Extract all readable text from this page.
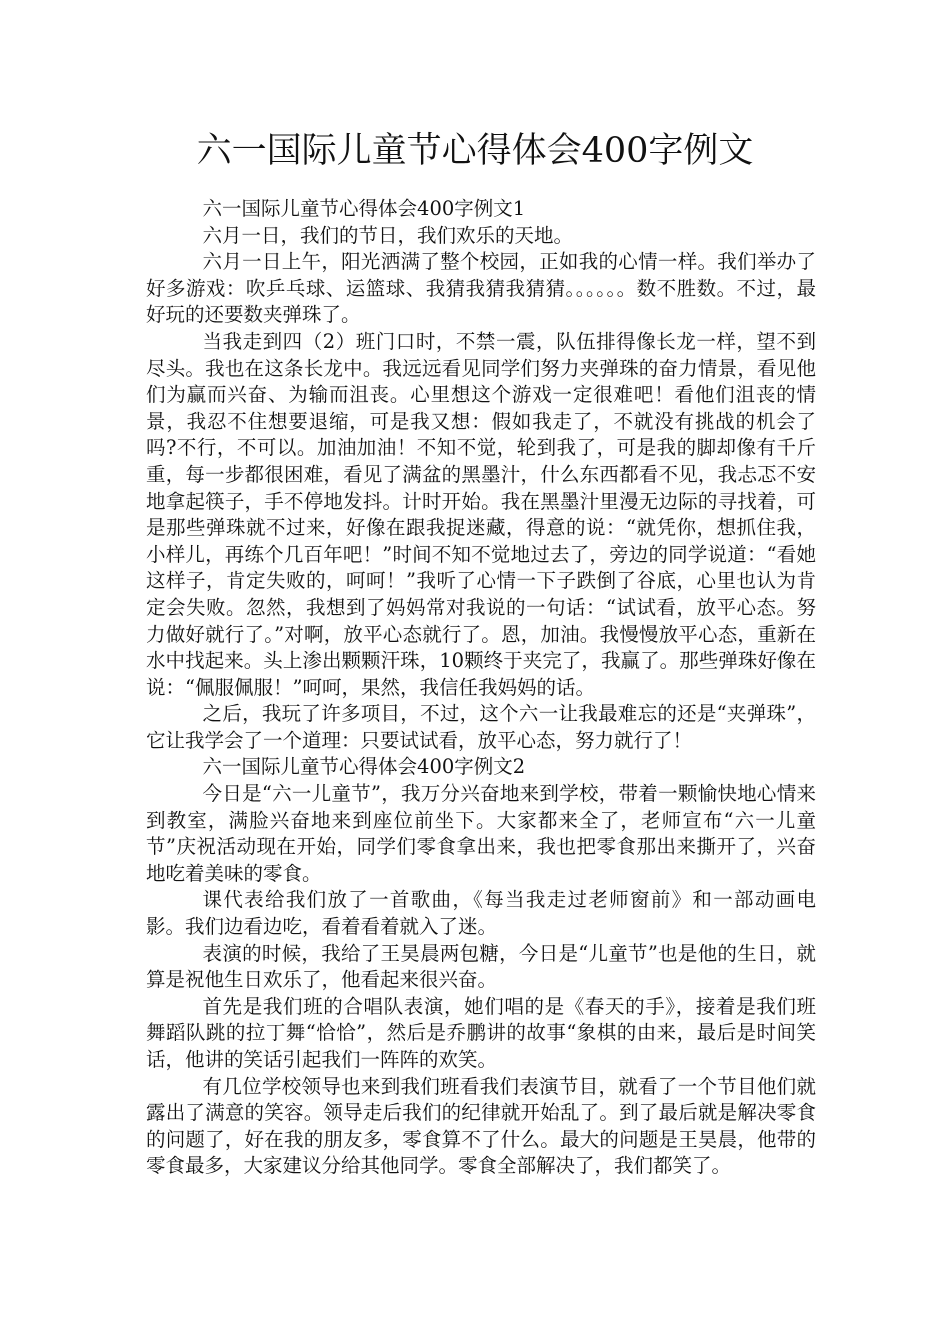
六一国际儿童节心得体会400字例文

六一国际儿童节心得体会400字例文1

六月一日，我们的节日，我们欢乐的天地。

六月一日上午，阳光洒满了整个校园，正如我的心情一样。我们举办了好多游戏：吹乒乓球、运篮球、我猜我猜我猜猜。。。。。。数不胜数。不过，最好玩的还要数夹弹珠了。

当我走到四（2）班门口时，不禁一震，队伍排得像长龙一样，望不到尽头。我也在这条长龙中。我远远看见同学们努力夹弹珠的奋力情景，看见他们为赢而兴奋、为输而沮丧。心里想这个游戏一定很难吧！看他们沮丧的情景，我忍不住想要退缩，可是我又想：假如我走了，不就没有挑战的机会了吗?不行，不可以。加油加油！不知不觉，轮到我了，可是我的脚却像有千斤重，每一步都很困难，看见了满盆的黑墨汁，什么东西都看不见，我忐忑不安地拿起筷子，手不停地发抖。计时开始。我在黑墨汁里漫无边际的寻找着，可是那些弹珠就不过来，好像在跟我捉迷藏，得意的说：“就凭你，想抓住我，小样儿，再练个几百年吧！”时间不知不觉地过去了，旁边的同学说道：“看她这样子，肯定失败的，呵呵！”我听了心情一下子跌倒了谷底，心里也认为肯定会失败。忽然，我想到了妈妈常对我说的一句话：“试试看，放平心态。努力做好就行了。”对啊，放平心态就行了。恩，加油。我慢慢放平心态，重新在水中找起来。头上渗出颗颗汗珠，10颗终于夹完了，我赢了。那些弹珠好像在说：“佩服佩服！”呵呵，果然，我信任我妈妈的话。

之后，我玩了许多项目，不过，这个六一让我最难忘的还是“夹弹珠”，它让我学会了一个道理：只要试试看，放平心态，努力就行了！

六一国际儿童节心得体会400字例文2

今日是“六一儿童节”，我万分兴奋地来到学校，带着一颗愉快地心情来到教室，满脸兴奋地来到座位前坐下。大家都来全了，老师宣布“六一儿童节”庆祝活动现在开始，同学们零食拿出来，我也把零食那出来撕开了，兴奋地吃着美味的零食。

课代表给我们放了一首歌曲，《每当我走过老师窗前》和一部动画电影。我们边看边吃，看着看着就入了迷。

表演的时候，我给了王昊晨两包糖，今日是“儿童节”也是他的生日，就算是祝他生日欢乐了，他看起来很兴奋。

首先是我们班的合唱队表演，她们唱的是《春天的手》，接着是我们班舞蹈队跳的拉丁舞“恰恰”，然后是乔鹏讲的故事“象棋的由来，最后是时间笑话，他讲的笑话引起我们一阵阵的欢笑。

有几位学校领导也来到我们班看我们表演节目，就看了一个节目他们就露出了满意的笑容。领导走后我们的纪律就开始乱了。到了最后就是解决零食的问题了，好在我的朋友多，零食算不了什么。最大的问题是王昊晨，他带的零食最多，大家建议分给其他同学。零食全部解决了，我们都笑了。
